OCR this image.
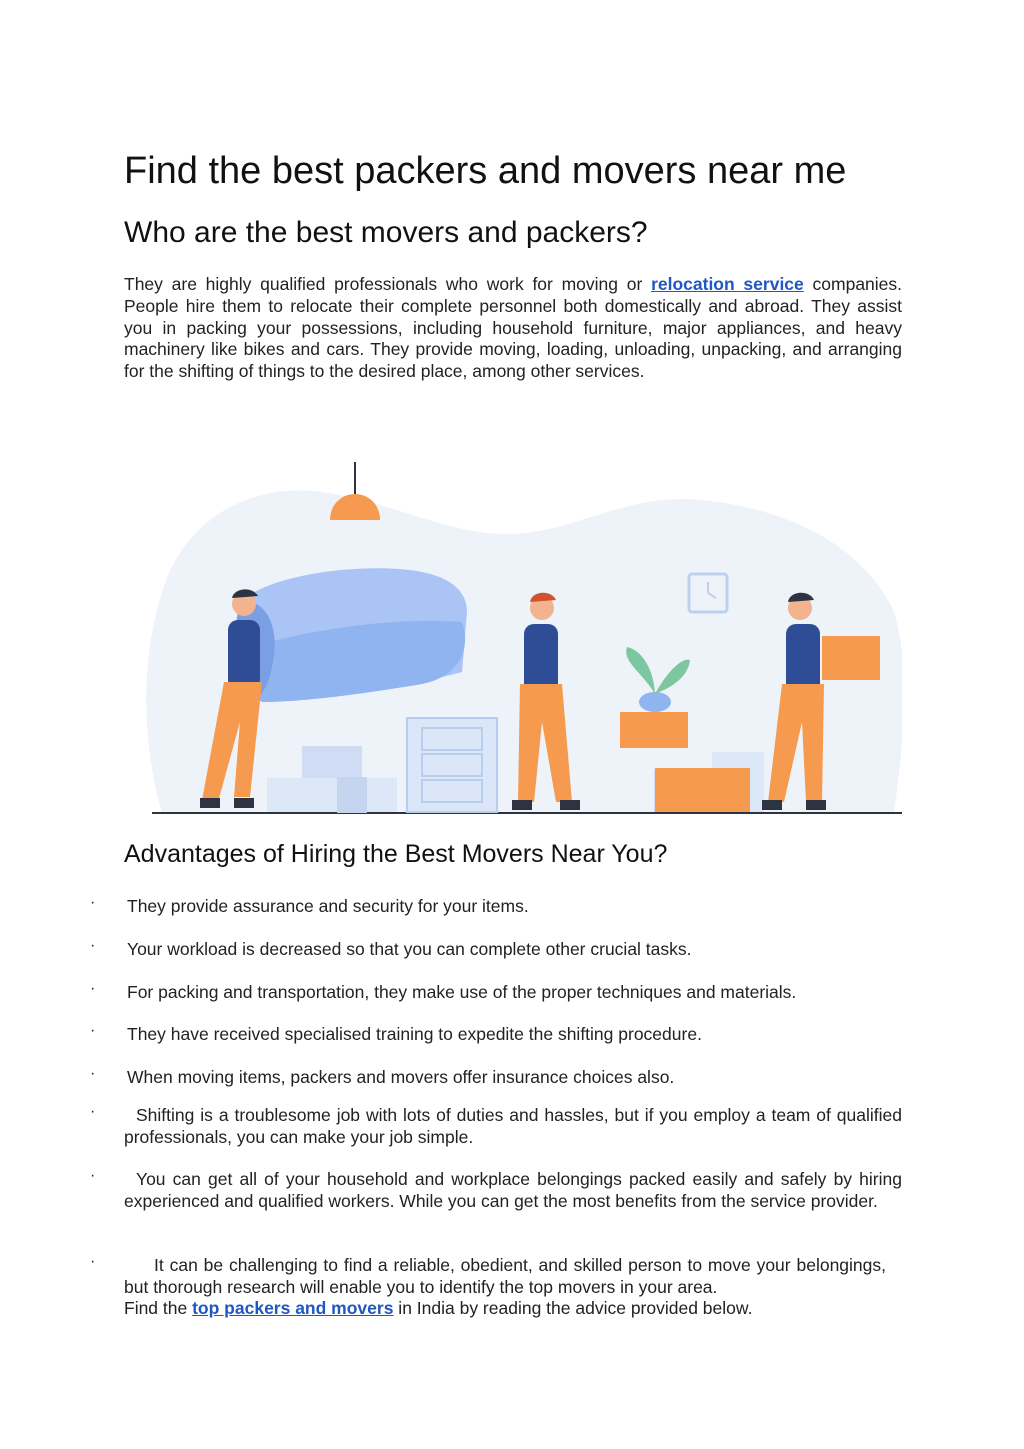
Find the best packers and movers near me
Who are the best movers and packers?

They are highly qualified professionals who work for moving or relocation service companies. People hire them to relocate their complete personnel both domestically and abroad. They assist you in packing your possessions, including household furniture, major appliances, and heavy machinery like bikes and cars. They provide moving, loading, unloading, unpacking, and arranging for the shifting of things to the desired place, among other services.

Advantages of Hiring the Best Movers Near You?
· They provide assurance and security for your items.

· Your workload is decreased so that you can complete other crucial tasks.

· For packing and transportation, they make use of the proper techniques and materials.

· They have received specialised training to expedite the shifting procedure.

· When moving items, packers and movers offer insurance choices also.

·	Shifting is a troublesome job with lots of duties and hassles, but if you employ a team of qualified professionals, you can make your job simple.

·	You can get all of your household and workplace belongings packed easily and safely by hiring experienced and qualified workers. While you can get the most benefits from the service provider.

·	It can be challenging to find a reliable, obedient, and skilled person to move your belongings, but thorough research will enable you to identify the top movers in your area.

Find the top packers and movers in India by reading the advice provided below.
